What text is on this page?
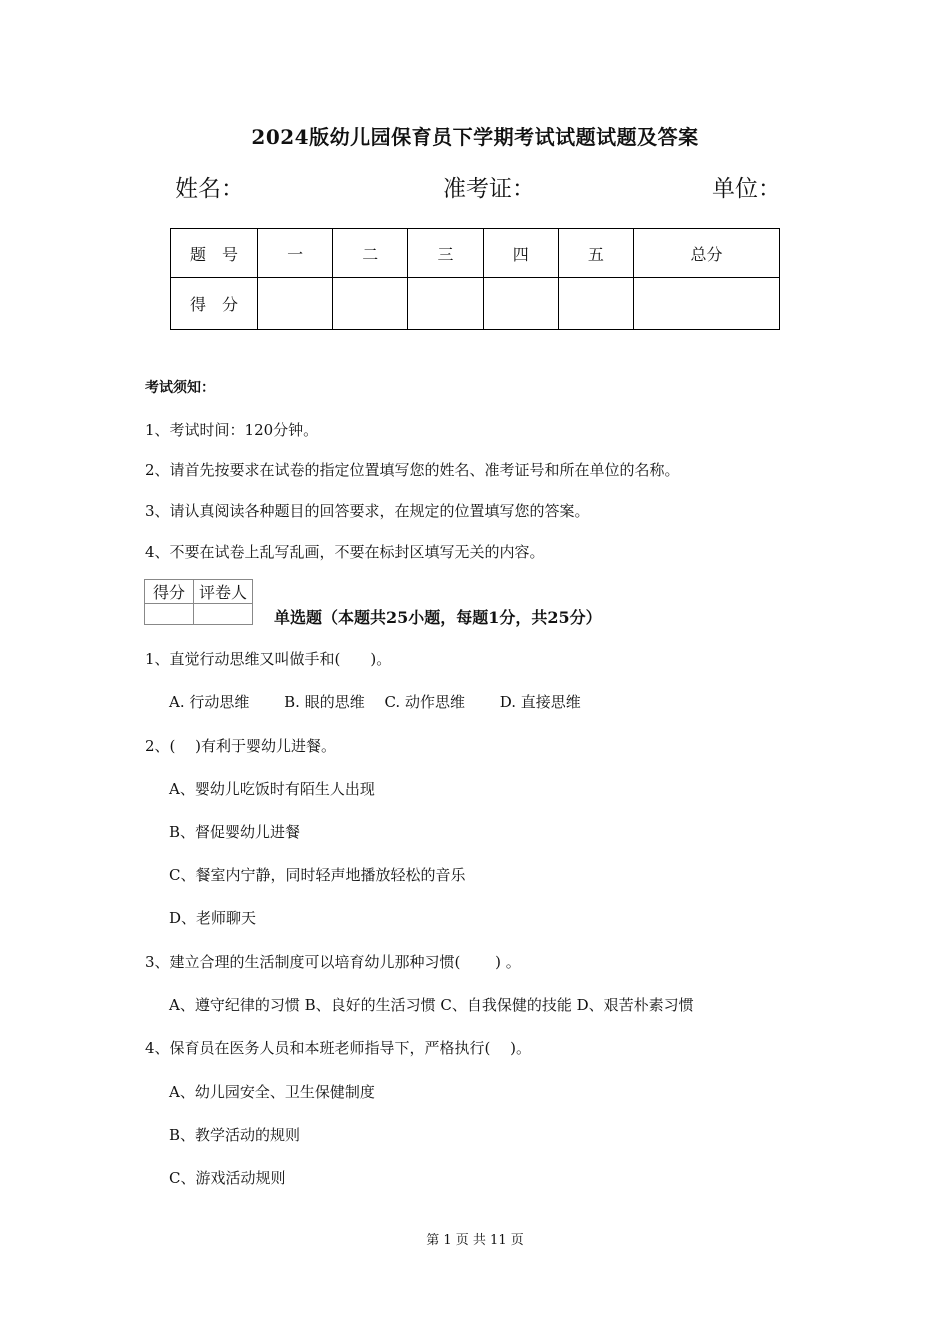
2024版幼儿园保育员下学期考试试题试题及答案
姓名：	准考证：	单位：
题　号	一	二	三	四	五	总分
得　分						
考试须知：
1、考试时间：120分钟。
2、请首先按要求在试卷的指定位置填写您的姓名、准考证号和所在单位的名称。
3、请认真阅读各种题目的回答要求，在规定的位置填写您的答案。
4、不要在试卷上乱写乱画，不要在标封区填写无关的内容。
得分	评卷人

单选题（本题共25小题，每题1分，共25分）
1、直觉行动思维又叫做手和(　　)。
A. 行动思维　　 B. 眼的思维　 C. 动作思维　　 D. 直接思维
2、(　 )有利于婴幼儿进餐。
A、婴幼儿吃饭时有陌生人出现
B、督促婴幼儿进餐
C、餐室内宁静，同时轻声地播放轻松的音乐
D、老师聊天
3、建立合理的生活制度可以培育幼儿那种习惯(　　 ) 。
A、遵守纪律的习惯 B、良好的生活习惯 C、自我保健的技能 D、艰苦朴素习惯
4、保育员在医务人员和本班老师指导下，严格执行(　 )。
A、幼儿园安全、卫生保健制度
B、教学活动的规则
C、游戏活动规则
第 1 页 共 11 页
